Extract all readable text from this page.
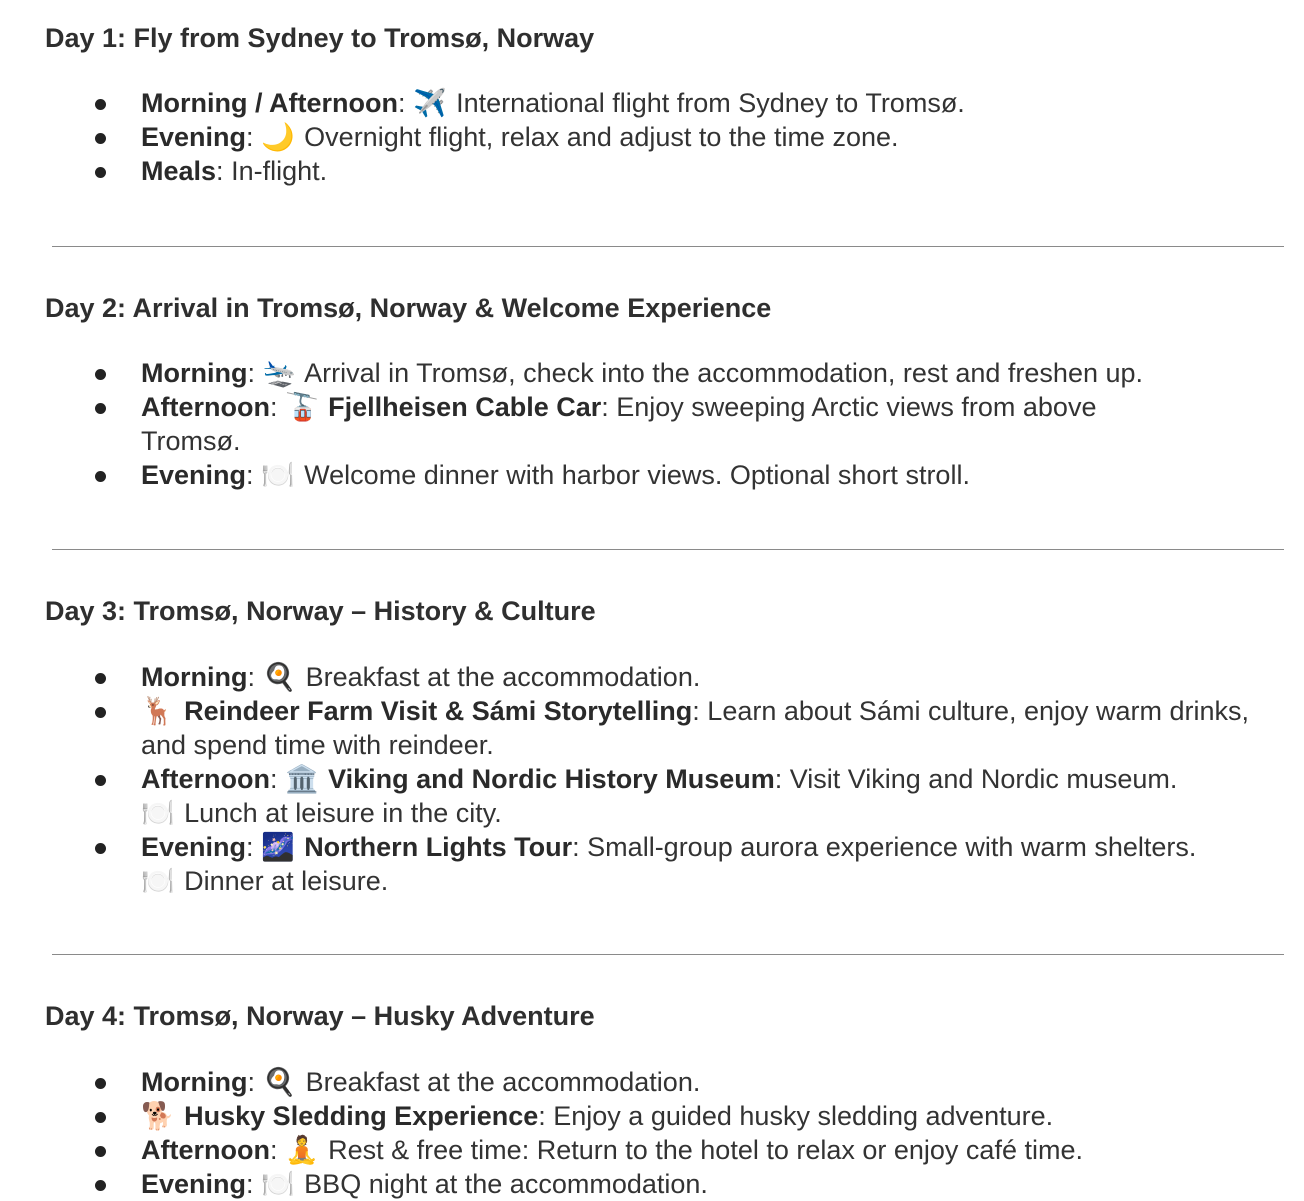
Day 1: Fly from Sydney to Tromsø, Norway
Morning / Afternoon: ✈️ International flight from Sydney to Tromsø.
Evening: 🌙 Overnight flight, relax and adjust to the time zone.
Meals: In-flight.
Day 2: Arrival in Tromsø, Norway & Welcome Experience
Morning: 🛬 Arrival in Tromsø, check into the accommodation, rest and freshen up.
Afternoon: 🚡 Fjellheisen Cable Car: Enjoy sweeping Arctic views from above Tromsø.
Evening: 🍽️ Welcome dinner with harbor views. Optional short stroll.
Day 3: Tromsø, Norway – History & Culture
Morning: 🍳 Breakfast at the accommodation.
🦌 Reindeer Farm Visit & Sámi Storytelling: Learn about Sámi culture, enjoy warm drinks, and spend time with reindeer.
Afternoon: 🏛️ Viking and Nordic History Museum: Visit Viking and Nordic museum.
🍽️ Lunch at leisure in the city.
Evening: 🌌 Northern Lights Tour: Small-group aurora experience with warm shelters.
🍽️ Dinner at leisure.
Day 4: Tromsø, Norway – Husky Adventure
Morning: 🍳 Breakfast at the accommodation.
🐕 Husky Sledding Experience: Enjoy a guided husky sledding adventure.
Afternoon: 🧘 Rest & free time: Return to the hotel to relax or enjoy café time.
Evening: 🍽️ BBQ night at the accommodation.
